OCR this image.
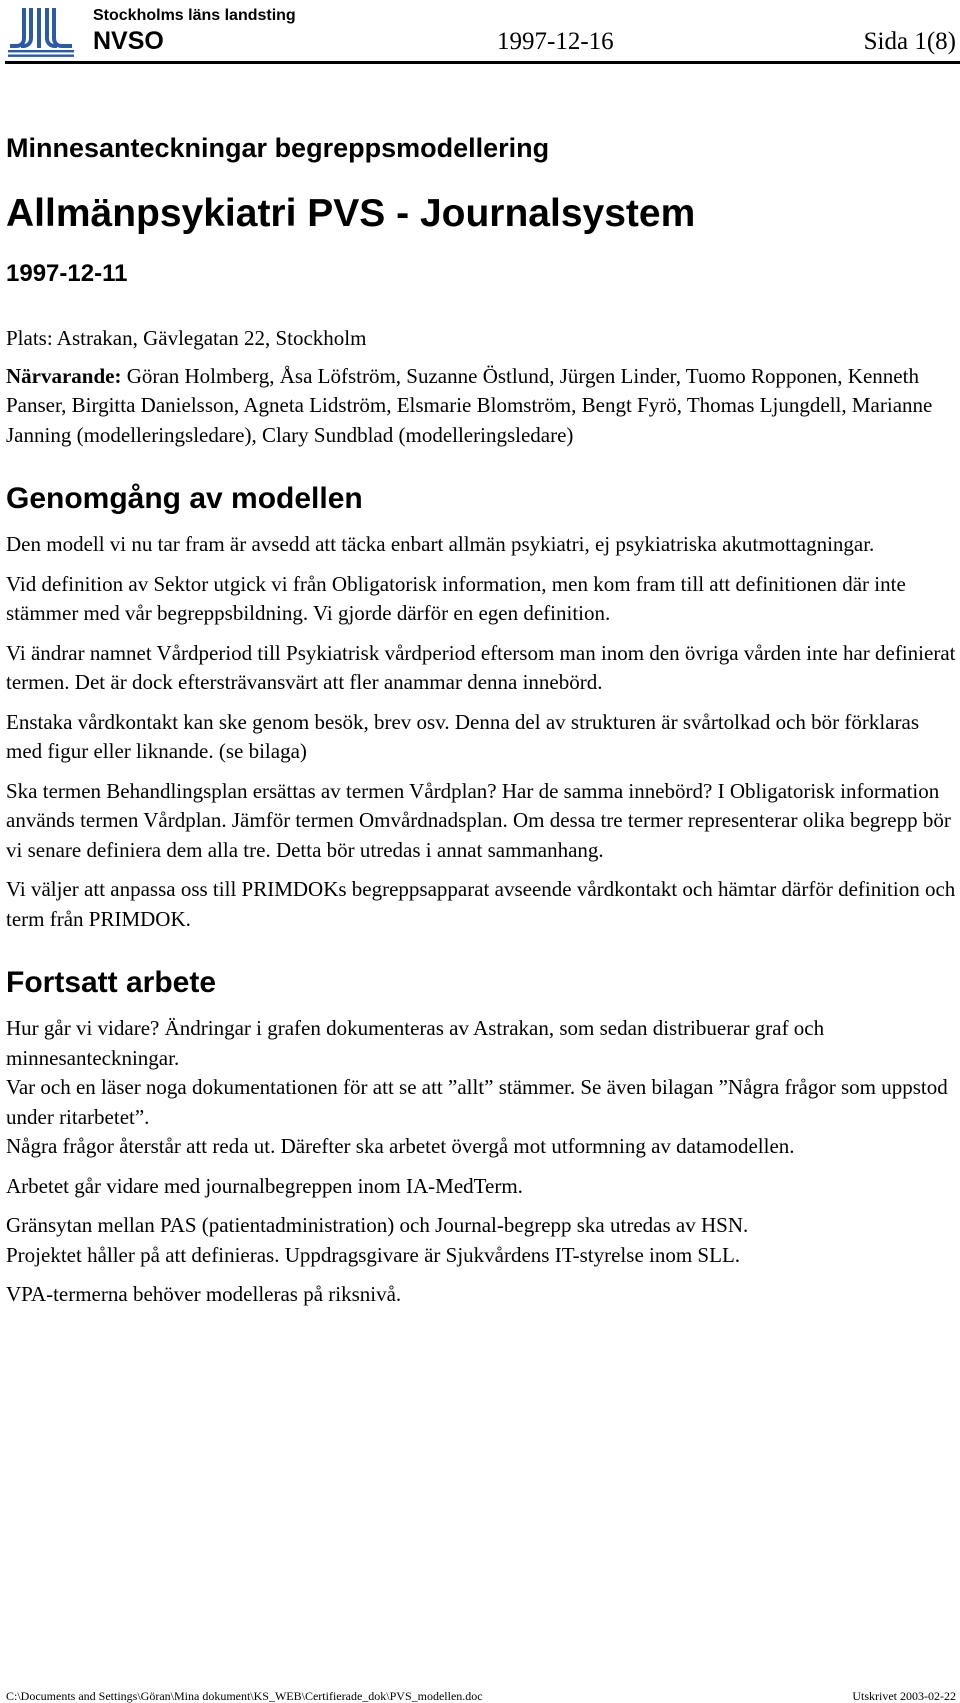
Stockholms läns landsting
NVSO	1997-12-16	Sida 1(8)
Minnesanteckningar begreppsmodellering
Allmänpsykiatri PVS - Journalsystem
1997-12-11

Plats: Astrakan, Gävlegatan 22, Stockholm

Närvarande: Göran Holmberg, Åsa Löfström, Suzanne Östlund, Jürgen Linder, Tuomo Ropponen, Kenneth Panser, Birgitta Danielsson, Agneta Lidström, Elsmarie Blomström, Bengt Fyrö, Thomas Ljungdell, Marianne Janning (modelleringsledare), Clary Sundblad (modelleringsledare)

Genomgång av modellen

Den modell vi nu tar fram är avsedd att täcka enbart allmän psykiatri, ej psykiatriska akutmottagningar.

Vid definition av Sektor utgick vi från Obligatorisk information, men kom fram till att definitionen där inte stämmer med vår begreppsbildning. Vi gjorde därför en egen definition.

Vi ändrar namnet Vårdperiod till Psykiatrisk vårdperiod eftersom man inom den övriga vården inte har definierat termen. Det är dock eftersträvansvärt att fler anammar denna innebörd.

Enstaka vårdkontakt kan ske genom besök, brev osv. Denna del av strukturen är svårtolkad och bör förklaras med figur eller liknande. (se bilaga)

Ska termen Behandlingsplan ersättas av termen Vårdplan? Har de samma innebörd? I Obligatorisk information används termen Vårdplan. Jämför termen Omvårdnadsplan. Om dessa tre termer representerar olika begrepp bör vi senare definiera dem alla tre. Detta bör utredas i annat sammanhang.

Vi väljer att anpassa oss till PRIMDOKs begreppsapparat avseende vårdkontakt och hämtar därför definition och term från PRIMDOK.

Fortsatt arbete

Hur går vi vidare? Ändringar i grafen dokumenteras av Astrakan, som sedan distribuerar graf och minnesanteckningar.

Var och en läser noga dokumentationen för att se att ”allt” stämmer. Se även bilagan ”Några frågor som uppstod under ritarbetet”.

Några frågor återstår att reda ut. Därefter ska arbetet övergå mot utformning av datamodellen.

Arbetet går vidare med journalbegreppen inom IA-MedTerm.

Gränsytan mellan PAS (patientadministration) och Journal-begrepp ska utredas av HSN.

Projektet håller på att definieras. Uppdragsgivare är Sjukvårdens IT-styrelse inom SLL.

VPA-termerna behöver modelleras på riksnivå.

C:\Documents and Settings\Göran\Mina dokument\KS_WEB\Certifierade_dok\PVS_modellen.doc	Utskrivet 2003-02-22
